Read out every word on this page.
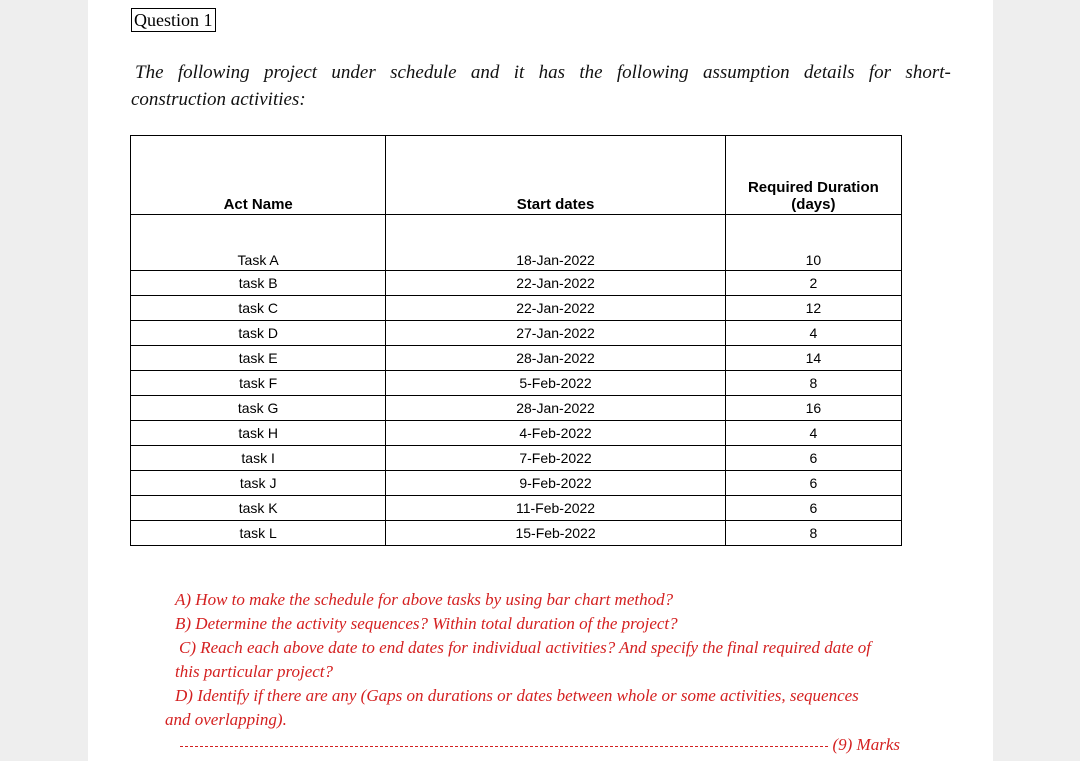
Question 1
The following project under schedule and it has the following assumption details for short-
construction activities:
Act Name	Start dates	Required Duration
(days)
Task A	18-Jan-2022	10
task B	22-Jan-2022	2
task C	22-Jan-2022	12
task D	27-Jan-2022	4
task E	28-Jan-2022	14
task F	5-Feb-2022	8
task G	28-Jan-2022	16
task H	4-Feb-2022	4
task I	7-Feb-2022	6
task J	9-Feb-2022	6
task K	11-Feb-2022	6
task L	15-Feb-2022	8

A) How to make the schedule for above tasks by using bar chart method?

B) Determine the activity sequences? Within total duration of the project?

C) Reach each above date to end dates for individual activities? And specify the final required date of

this particular project?

D) Identify if there are any (Gaps on durations or dates between whole or some activities, sequences

and overlapping).

(9) Marks
